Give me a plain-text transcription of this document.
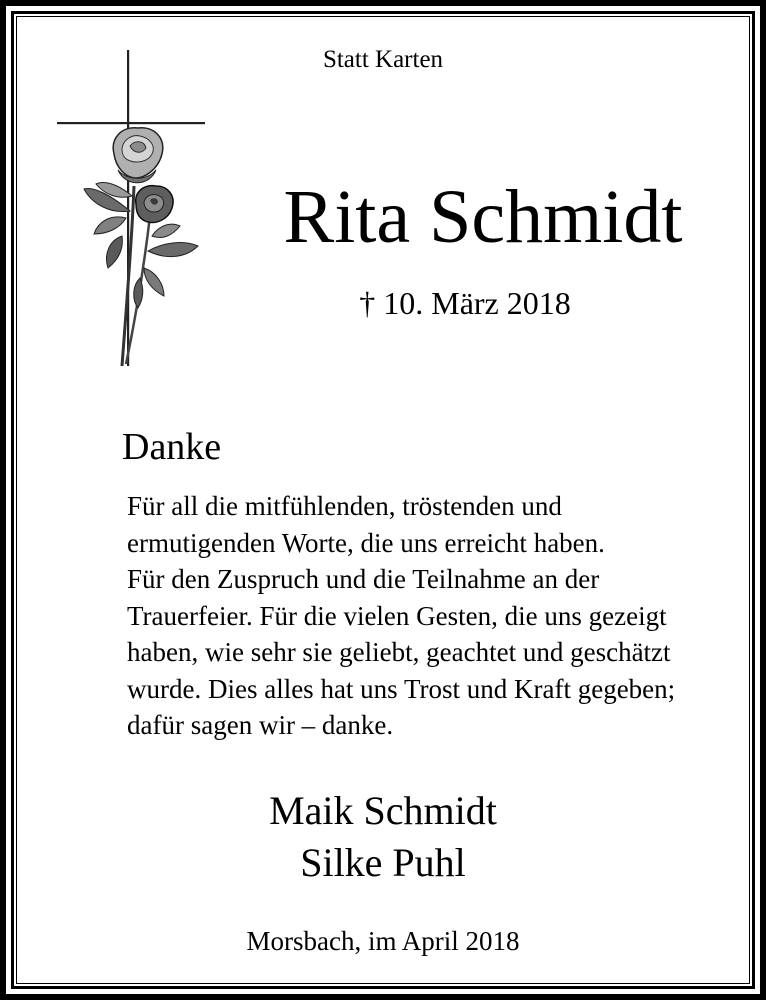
Statt Karten
Rita Schmidt
† 10. März 2018
Danke
Für all die mitfühlenden, tröstenden und
ermutigenden Worte, die uns erreicht haben.
Für den Zuspruch und die Teilnahme an der
Trauerfeier. Für die vielen Gesten, die uns gezeigt
haben, wie sehr sie geliebt, geachtet und geschätzt
wurde. Dies alles hat uns Trost und Kraft gegeben;
dafür sagen wir – danke.
Maik Schmidt
Silke Puhl
Morsbach, im April 2018
